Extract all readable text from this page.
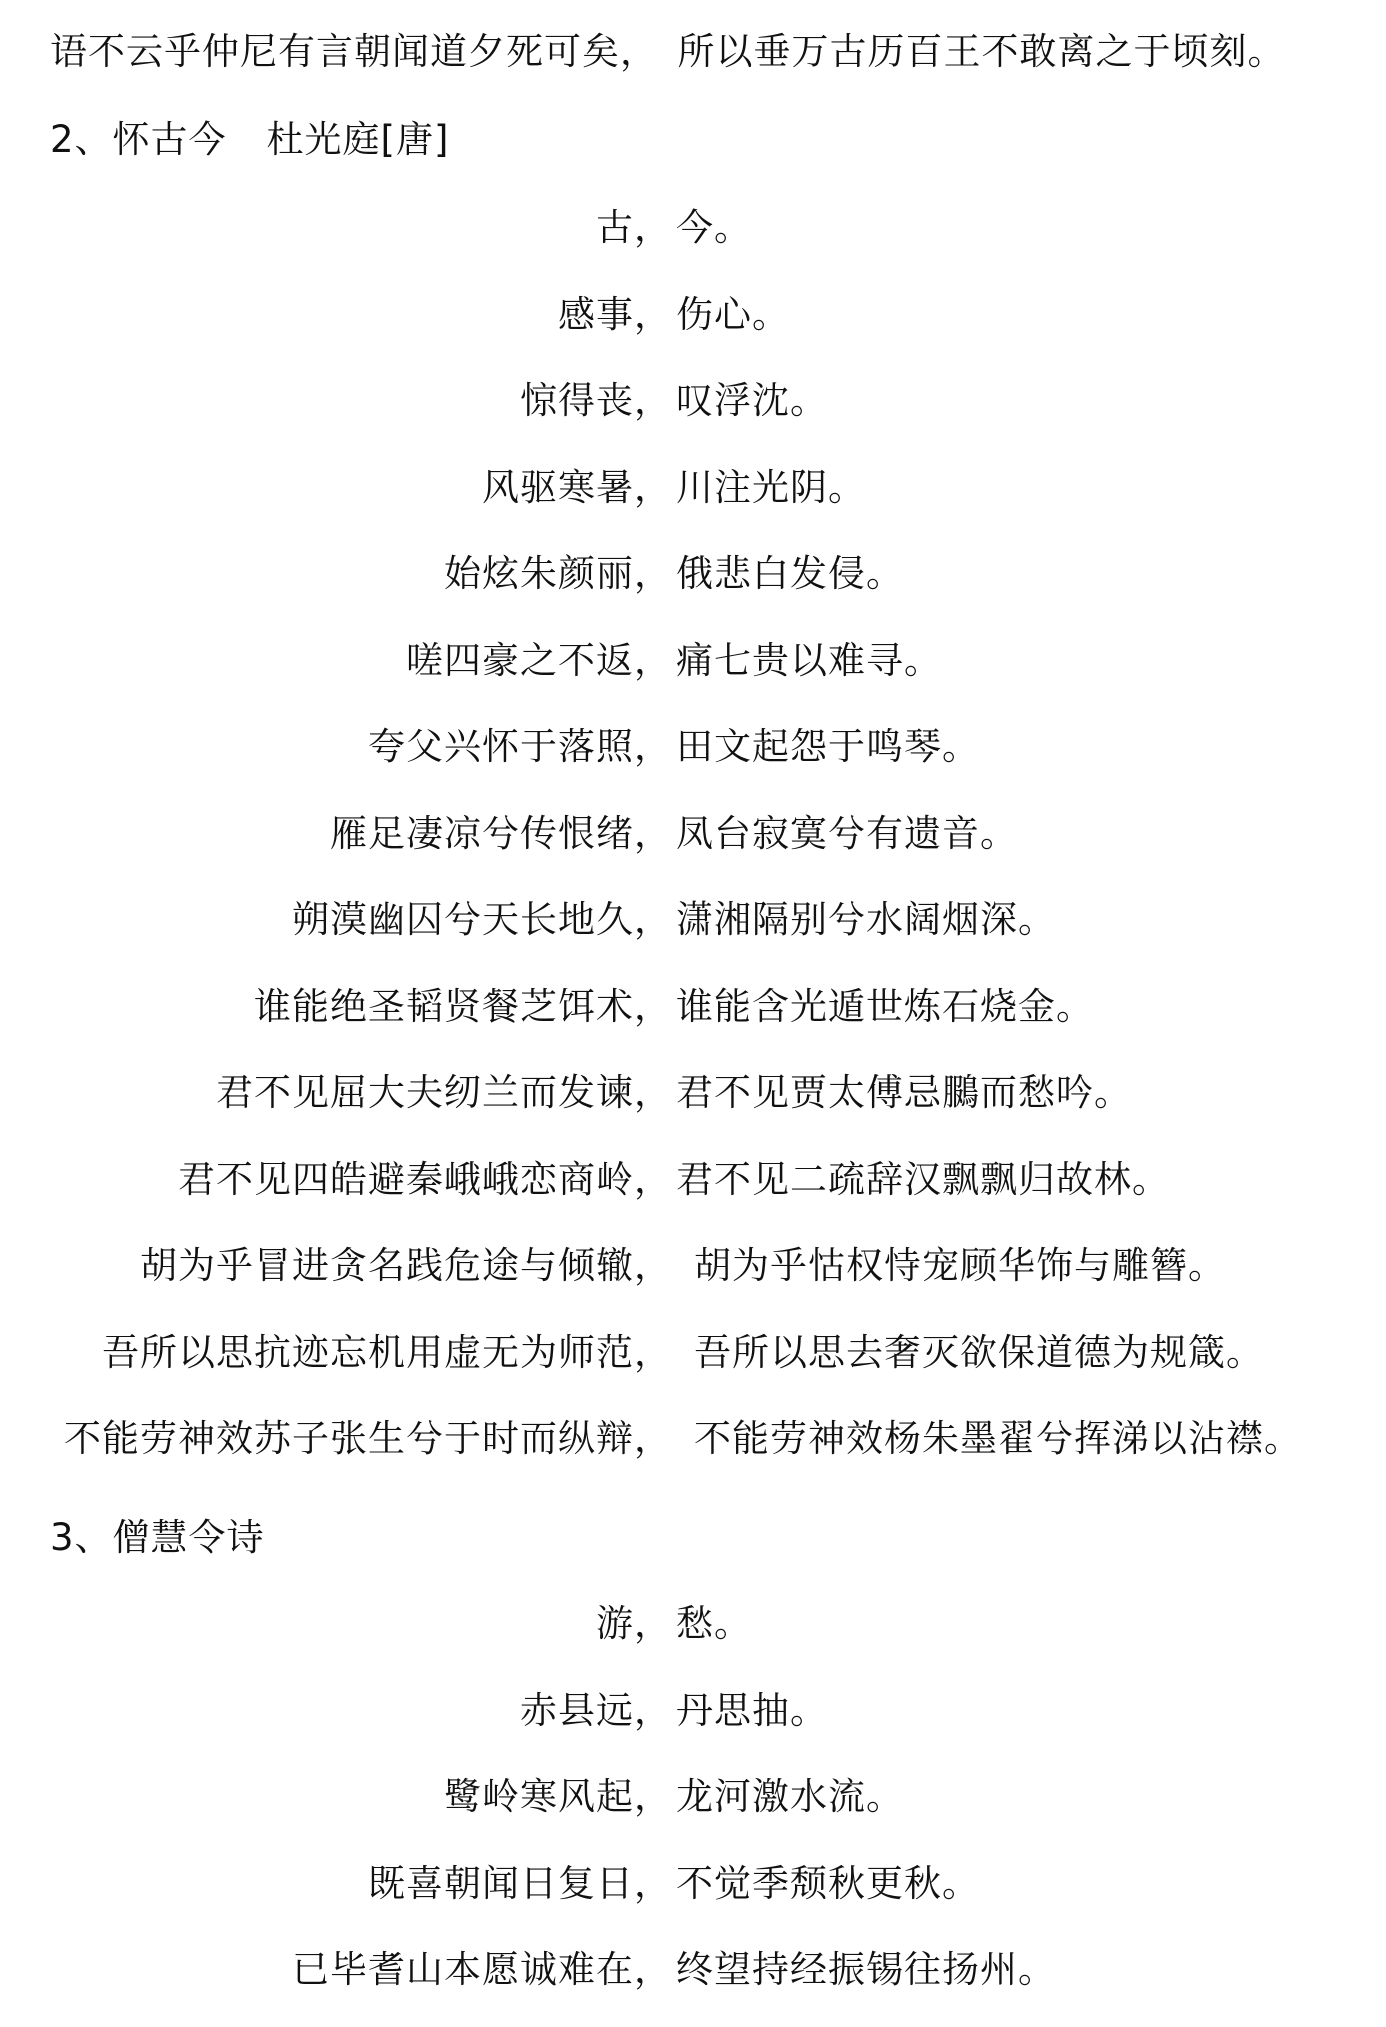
语不云乎仲尼有言朝闻道夕死可矣，　所以垂万古历百王不敢离之于顷刻。
2、怀古今 杜光庭[唐]
古， 今。
感事， 伤心。
惊得丧， 叹浮沈。
风驱寒暑， 川注光阴。
始炫朱颜丽， 俄悲白发侵。
嗟四豪之不返， 痛七贵以难寻。
夸父兴怀于落照， 田文起怨于鸣琴。
雁足凄凉兮传恨绪， 凤台寂寞兮有遗音。
朔漠幽囚兮天长地久， 潇湘隔别兮水阔烟深。
谁能绝圣韬贤餐芝饵术， 谁能含光遁世炼石烧金。
君不见屈大夫纫兰而发谏， 君不见贾太傅忌鵩而愁吟。
君不见四皓避秦峨峨恋商岭， 君不见二疏辞汉飘飘归故林。
胡为乎冒进贪名践危途与倾辙， 胡为乎怙权恃宠顾华饰与雕簪。
吾所以思抗迹忘机用虚无为师范， 吾所以思去奢灭欲保道德为规箴。
不能劳神效苏子张生兮于时而纵辩， 不能劳神效杨朱墨翟兮挥涕以沾襟。
3、僧慧令诗
游， 愁。
赤县远， 丹思抽。
鹭岭寒风起， 龙河激水流。
既喜朝闻日复日， 不觉季颓秋更秋。
已毕耆山本愿诚难在， 终望持经振锡往扬州。
